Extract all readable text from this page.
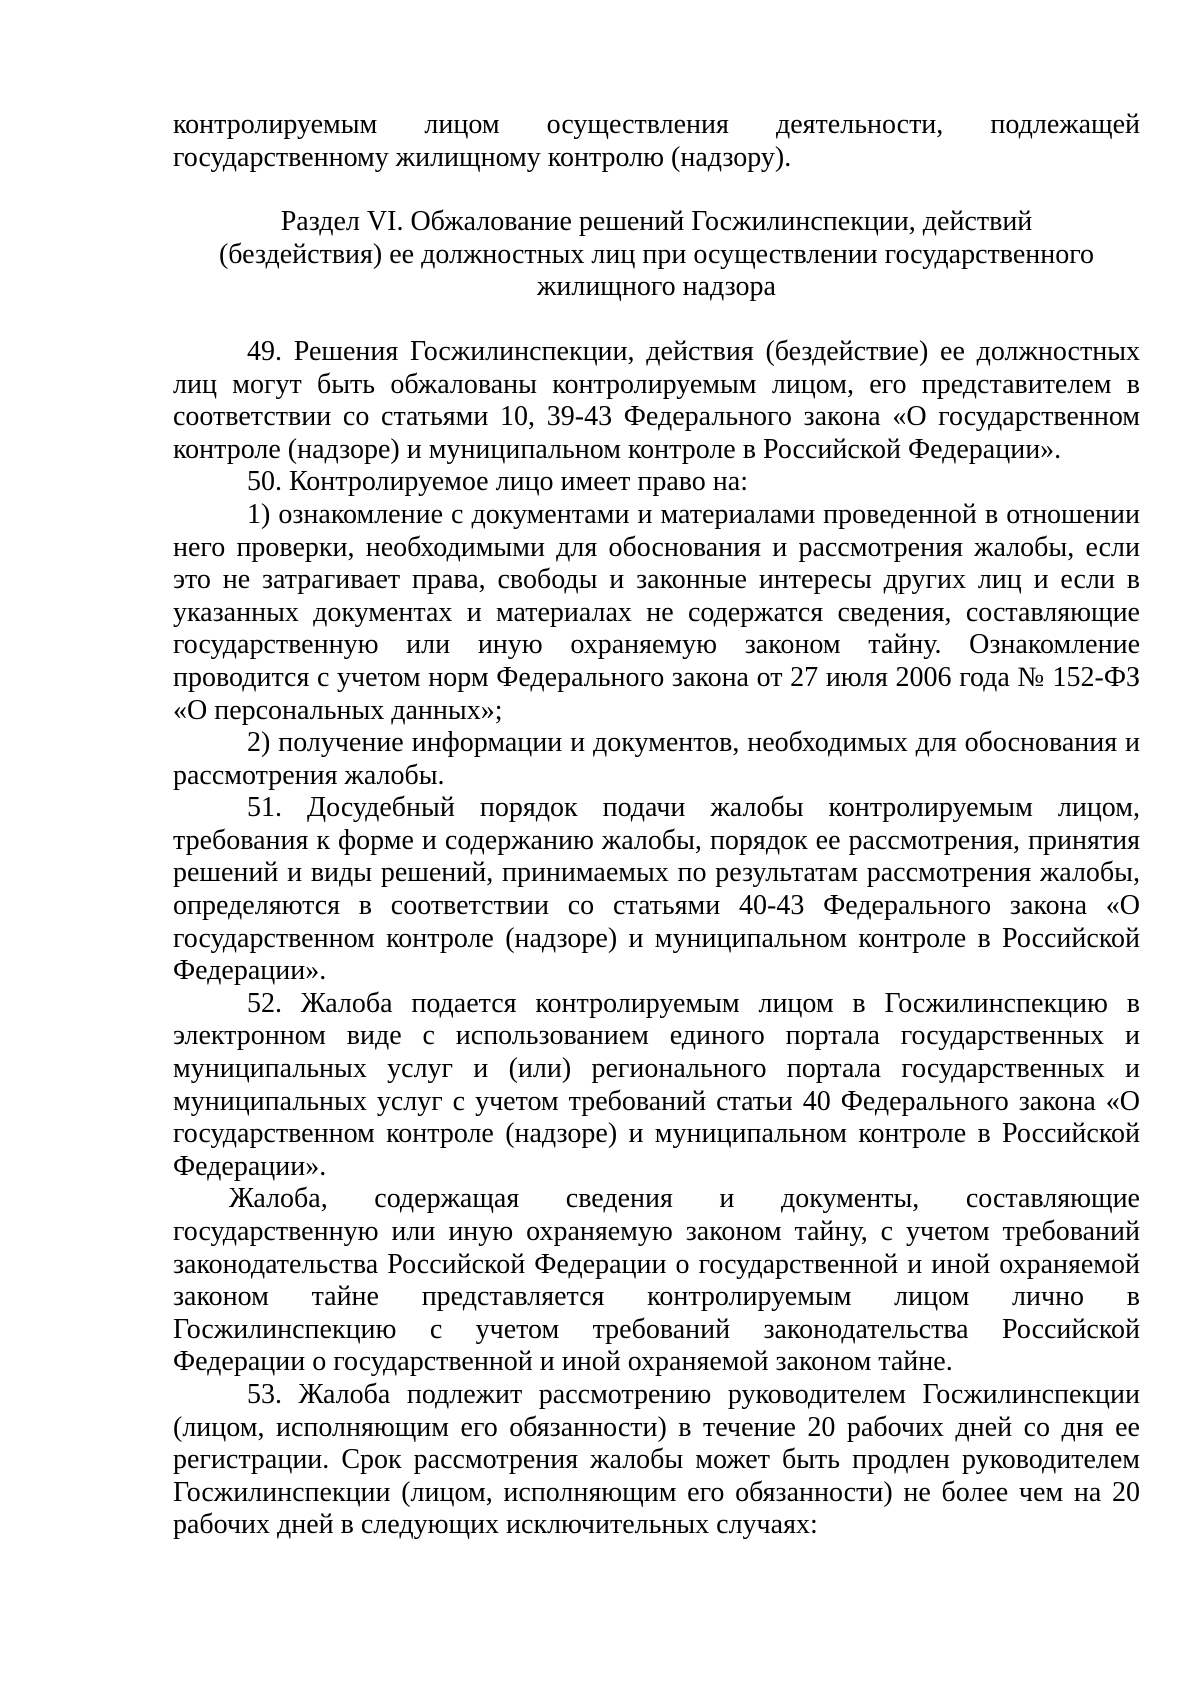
контролируемым лицом осуществления деятельности, подлежащей государственному жилищному контролю (надзору).

Раздел VI. Обжалование решений Госжилинспекции, действий
(бездействия) ее должностных лиц при осуществлении государственного
жилищного надзора

49. Решения Госжилинспекции, действия (бездействие) ее должностных лиц могут быть обжалованы контролируемым лицом, его представителем в соответствии со статьями 10, 39-43 Федерального закона «О государственном контроле (надзоре) и муниципальном контроле в Российской Федерации».

50. Контролируемое лицо имеет право на:

1) ознакомление с документами и материалами проведенной в отношении него проверки, необходимыми для обоснования и рассмотрения жалобы, если это не затрагивает права, свободы и законные интересы других лиц и если в указанных документах и материалах не содержатся сведения, составляющие государственную или иную охраняемую законом тайну. Ознакомление проводится с учетом норм Федерального закона от 27 июля 2006 года № 152-ФЗ «О персональных данных»;

2) получение информации и документов, необходимых для обоснования и рассмотрения жалобы.

51. Досудебный порядок подачи жалобы контролируемым лицом, требования к форме и содержанию жалобы, порядок ее рассмотрения, принятия решений и виды решений, принимаемых по результатам рассмотрения жалобы, определяются в соответствии со статьями 40-43 Федерального закона «О государственном контроле (надзоре) и муниципальном контроле в Российской Федерации».

52. Жалоба подается контролируемым лицом в Госжилинспекцию в электронном виде с использованием единого портала государственных и муниципальных услуг и (или) регионального портала государственных и муниципальных услуг с учетом требований статьи 40 Федерального закона «О государственном контроле (надзоре) и муниципальном контроле в Российской Федерации».

Жалоба, содержащая сведения и документы, составляющие государственную или иную охраняемую законом тайну, с учетом требований законодательства Российской Федерации о государственной и иной охраняемой законом тайне представляется контролируемым лицом лично в Госжилинспекцию с учетом требований законодательства Российской Федерации о государственной и иной охраняемой законом тайне.

53. Жалоба подлежит рассмотрению руководителем Госжилинспекции (лицом, исполняющим его обязанности) в течение 20 рабочих дней со дня ее регистрации. Срок рассмотрения жалобы может быть продлен руководителем Госжилинспекции (лицом, исполняющим его обязанности) не более чем на 20 рабочих дней в следующих исключительных случаях:
